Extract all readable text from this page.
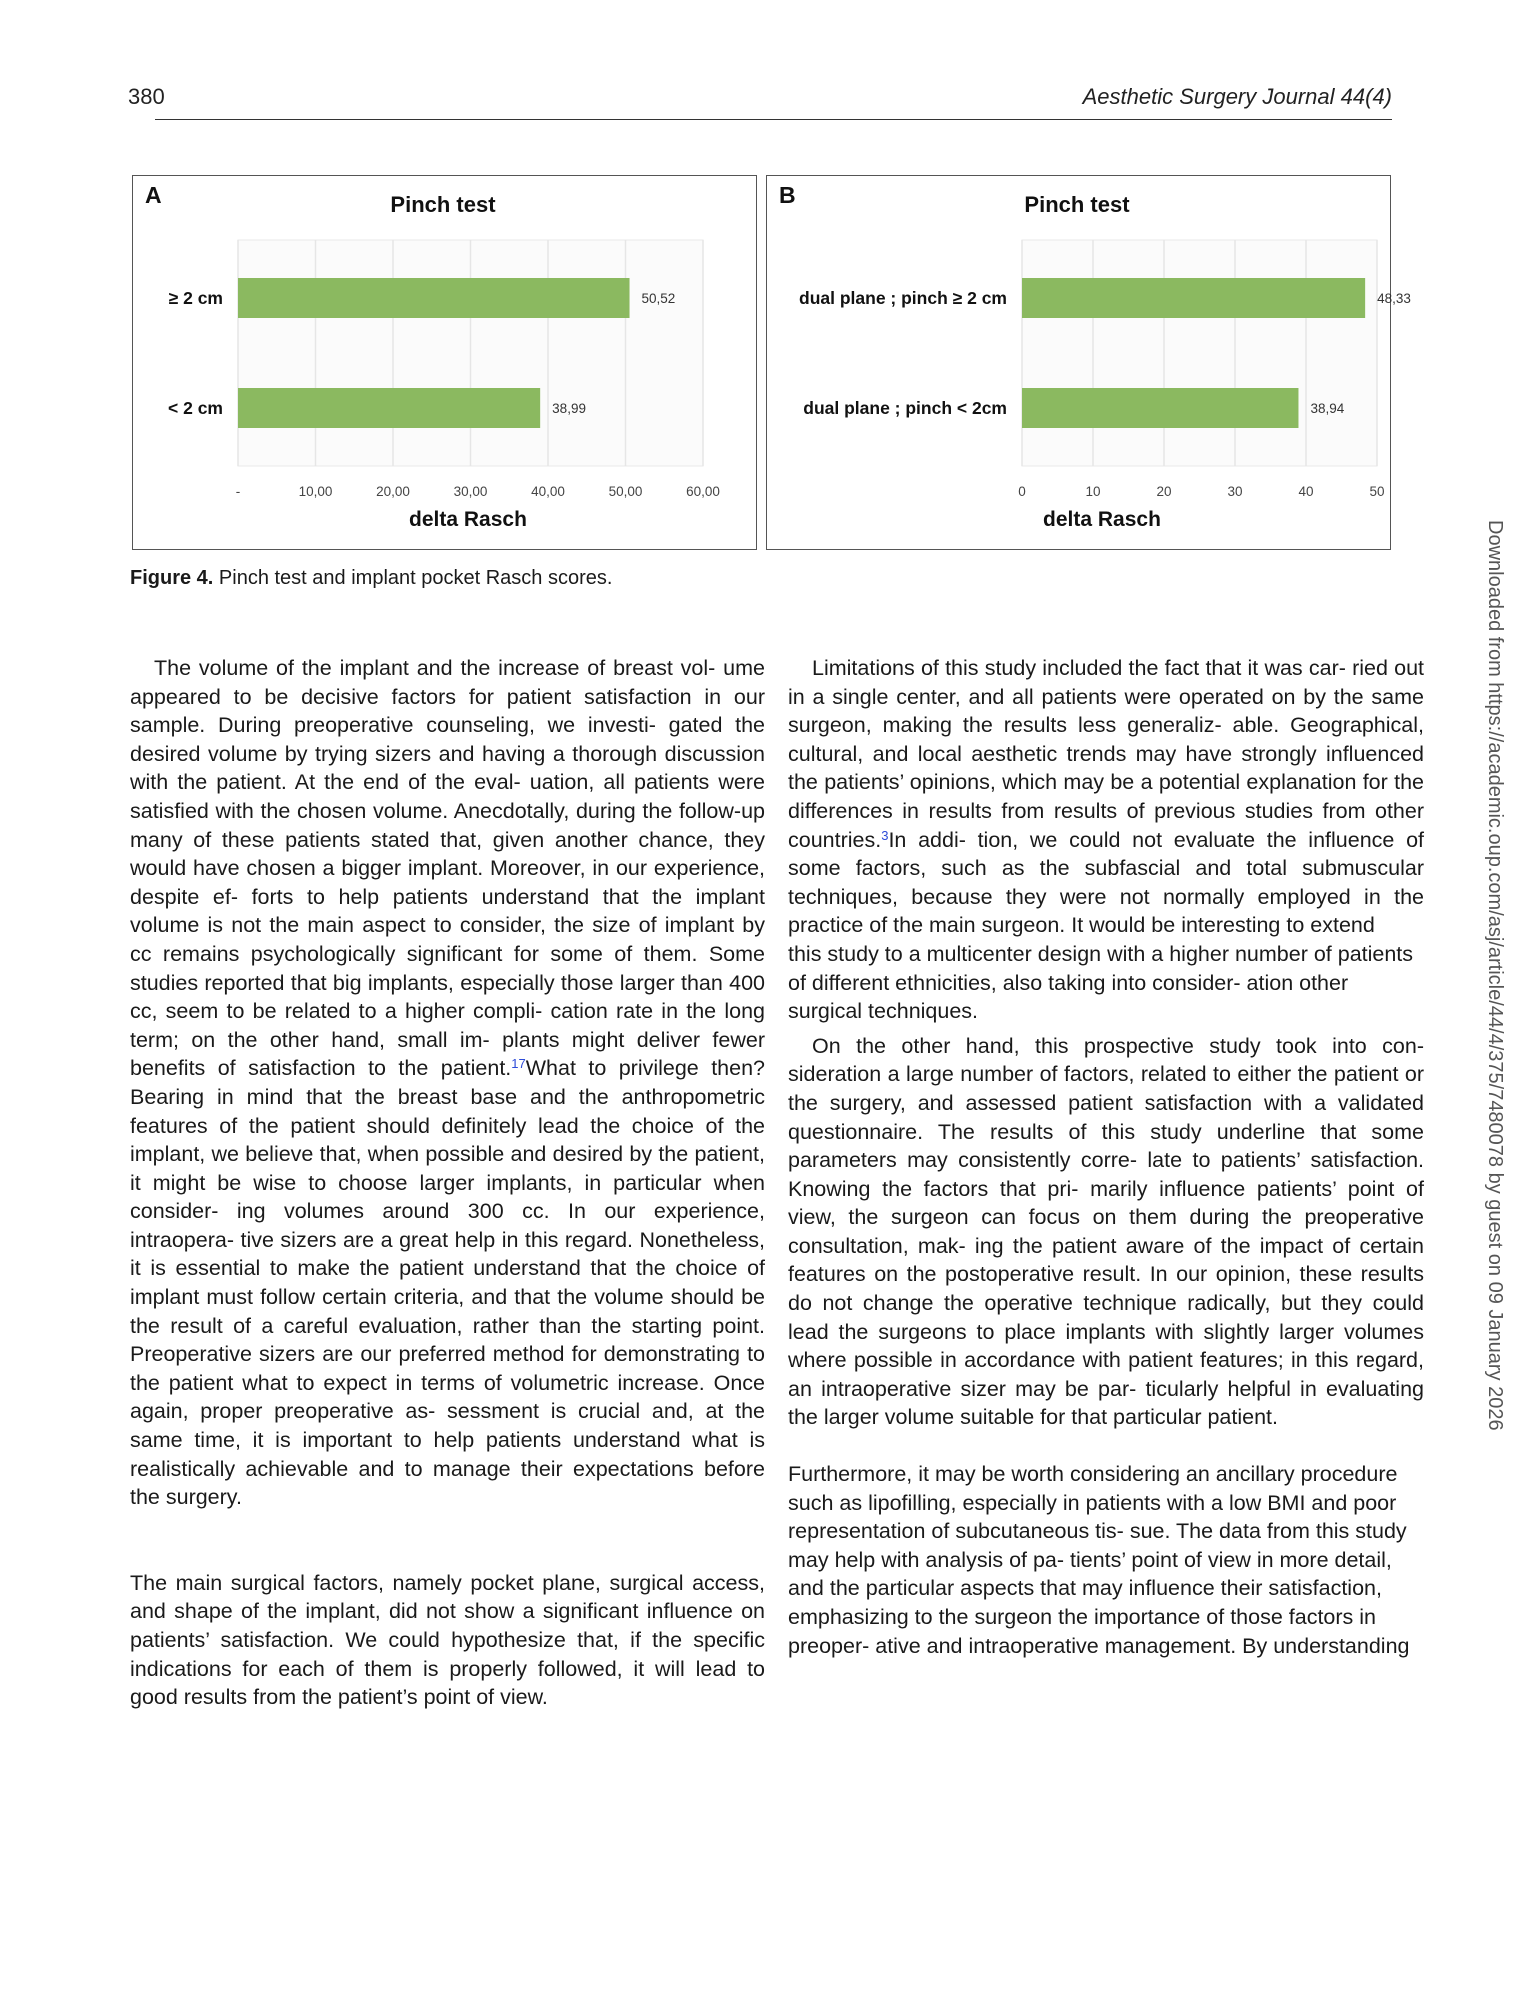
380	Aesthetic Surgery Journal 44(4)
A	Pinch test
-	10,00	20,00	30,00	40,00	50,00	60,00
50,52
≥ 2 cm
38,99
< 2 cm
delta Rasch
B	Pinch test
0	10	20	30	40	50
48,33
dual plane ; pinch ≥ 2 cm
38,94
dual plane ; pinch < 2cm
delta Rasch
Figure 4. Pinch test and implant pocket Rasch scores.

The volume of the implant and the increase of breast vol- ume appeared to be decisive factors for patient satisfaction in our sample. During preoperative counseling, we investi- gated the desired volume by trying sizers and having a thorough discussion with the patient. At the end of the eval- uation, all patients were satisfied with the chosen volume. Anecdotally, during the follow-up many of these patients stated that, given another chance, they would have chosen a bigger implant. Moreover, in our experience, despite ef- forts to help patients understand that the implant volume is not the main aspect to consider, the size of implant by cc remains psychologically significant for some of them. Some studies reported that big implants, especially those larger than 400 cc, seem to be related to a higher compli- cation rate in the long term; on the other hand, small im- plants might deliver fewer benefits of satisfaction to the patient.$^{17}$What to privilege then? Bearing in mind that the breast base and the anthropometric features of the patient should definitely lead the choice of the implant, we believe that, when possible and desired by the patient, it might be wise to choose larger implants, in particular when consider- ing volumes around 300 cc. In our experience, intraopera- tive sizers are a great help in this regard. Nonetheless, it is essential to make the patient understand that the choice of implant must follow certain criteria, and that the volume should be the result of a careful evaluation, rather than the starting point. Preoperative sizers are our preferred method for demonstrating to the patient what to expect in terms of volumetric increase. Once again, proper preoperative as- sessment is crucial and, at the same time, it is important to help patients understand what is realistically achievable and to manage their expectations before the surgery.

The main surgical factors, namely pocket plane, surgical access, and shape of the implant, did not show a significant influence on patients’ satisfaction. We could hypothesize that, if the specific indications for each of them is properly followed, it will lead to good results from the patient’s point of view.

Limitations of this study included the fact that it was car- ried out in a single center, and all patients were operated on by the same surgeon, making the results less generaliz- able. Geographical, cultural, and local aesthetic trends may have strongly influenced the patients’ opinions, which may be a potential explanation for the differences in results from results of previous studies from other countries.$^3$In addi- tion, we could not evaluate the influence of some factors, such as the subfascial and total submuscular techniques, because they were not normally employed in the practice of the main surgeon. It would be interesting to extend

this study to a multicenter design with a higher number of patients of different ethnicities, also taking into consider- ation other surgical techniques.

On the other hand, this prospective study took into con- sideration a large number of factors, related to either the patient or the surgery, and assessed patient satisfaction with a validated questionnaire. The results of this study underline that some parameters may consistently corre- late to patients’ satisfaction. Knowing the factors that pri- marily influence patients’ point of view, the surgeon can focus on them during the preoperative consultation, mak- ing the patient aware of the impact of certain features on the postoperative result. In our opinion, these results do not change the operative technique radically, but they could lead the surgeons to place implants with slightly larger volumes where possible in accordance with patient features; in this regard, an intraoperative sizer may be par- ticularly helpful in evaluating the larger volume suitable for that particular patient.

Furthermore, it may be worth considering an ancillary procedure such as lipofilling, especially in patients with a low BMI and poor representation of subcutaneous tis- sue. The data from this study may help with analysis of pa- tients’ point of view in more detail, and the particular aspects that may influence their satisfaction, emphasizing to the surgeon the importance of those factors in preoper- ative and intraoperative management. By understanding

Downloaded from https://academic.oup.com/asj/article/44/4/375/7480078 by guest on 09 January 2026
